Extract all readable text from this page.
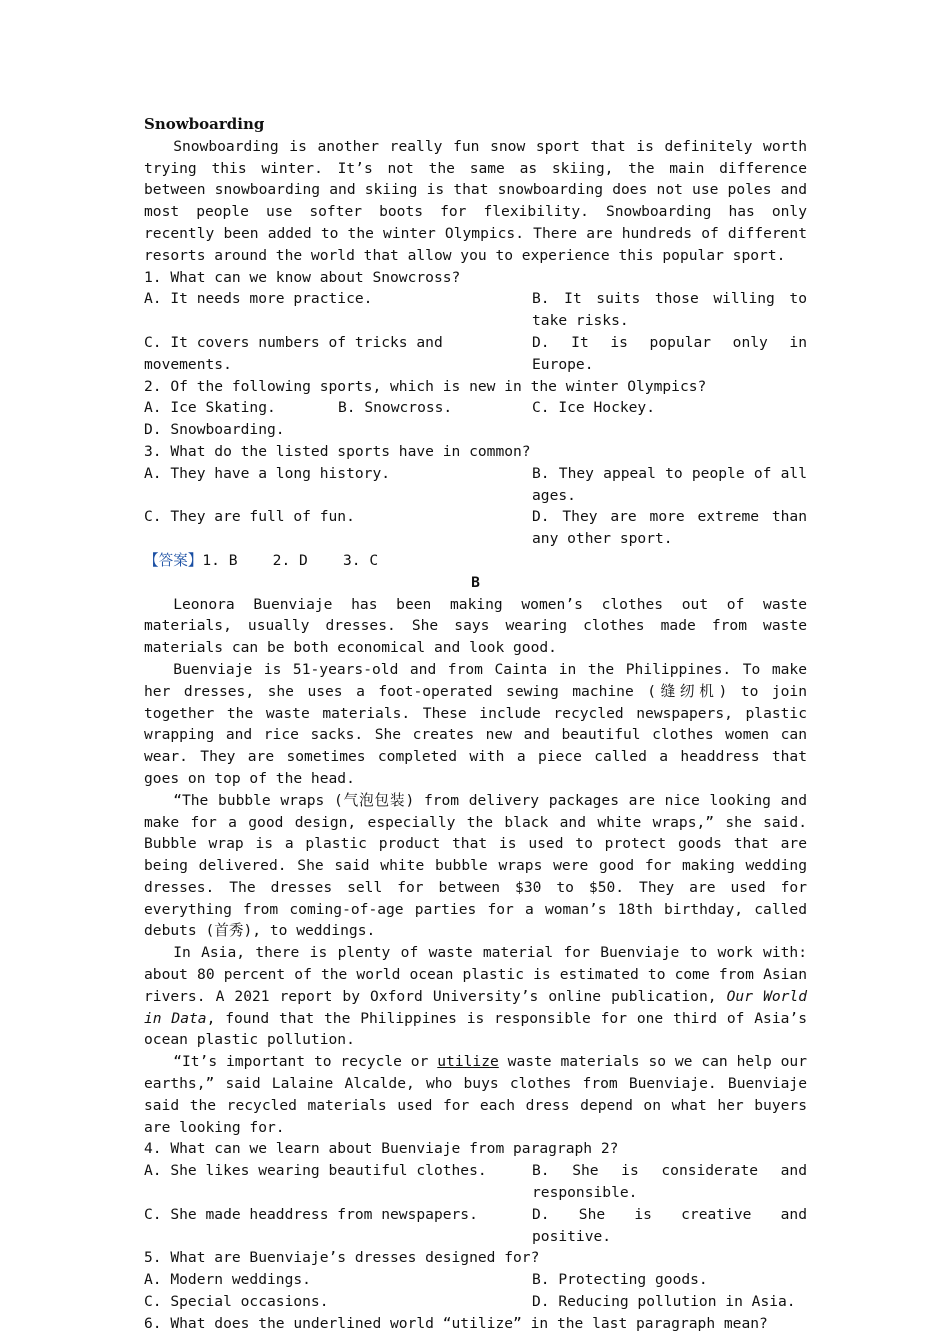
Snowboarding
Snowboarding is another really fun snow sport that is definitely worth trying this winter. It’s not the same as skiing, the main difference between snowboarding and skiing is that snowboarding does not use poles and most people use softer boots for flexibility. Snowboarding has only recently been added to the winter Olympics. There are hundreds of different resorts around the world that allow you to experience this popular sport.
1. What can we know about Snowcross?
A. It needs more practice.	B. It suits those willing to take risks.
C. It covers numbers of tricks and movements.
D. It is popular only in Europe.
2. Of the following sports, which is new in the winter Olympics?
A. Ice Skating.	B. Snowcross.	C. Ice Hockey.
D. Snowboarding.
3. What do the listed sports have in common?
A. They have a long history.	B. They appeal to people of all ages.
C. They are full of fun.	D. They are more extreme than any other sport.
【答案】1. B    2. D    3. C
B
Leonora Buenviaje has been making women’s clothes out of waste materials, usually dresses. She says wearing clothes made from waste materials can be both economical and look good.
Buenviaje is 51-years-old and from Cainta in the Philippines. To make her dresses, she uses a foot-operated sewing machine (缝纫机) to join together the waste materials. These include recycled newspapers, plastic wrapping and rice sacks. She creates new and beautiful clothes women can wear. They are sometimes completed with a piece called a headdress that goes on top of the head.
“The bubble wraps (气泡包装) from delivery packages are nice looking and make for a good design, especially the black and white wraps,” she said. Bubble wrap is a plastic product that is used to protect goods that are being delivered. She said white bubble wraps were good for making wedding dresses. The dresses sell for between $30 to $50. They are used for everything from coming-of-age parties for a woman’s 18th birthday, called debuts (首秀), to weddings.
In Asia, there is plenty of waste material for Buenviaje to work with: about 80 percent of the world ocean plastic is estimated to come from Asian rivers. A 2021 report by Oxford University’s online publication, Our World in Data, found that the Philippines is responsible for one third of Asia’s ocean plastic pollution.
“It’s important to recycle or utilize waste materials so we can help our earths,” said Lalaine Alcalde, who buys clothes from Buenviaje. Buenviaje said the recycled materials used for each dress depend on what her buyers are looking for.
4. What can we learn about Buenviaje from paragraph 2?
A. She likes wearing beautiful clothes.	B. She is considerate and responsible.
C. She made headdress from newspapers.	D. She is creative and positive.
5. What are Buenviaje’s dresses designed for?
A. Modern weddings.	B. Protecting goods.
C. Special occasions.	D. Reducing pollution in Asia.
6. What does the underlined world “utilize” in the last paragraph mean?
